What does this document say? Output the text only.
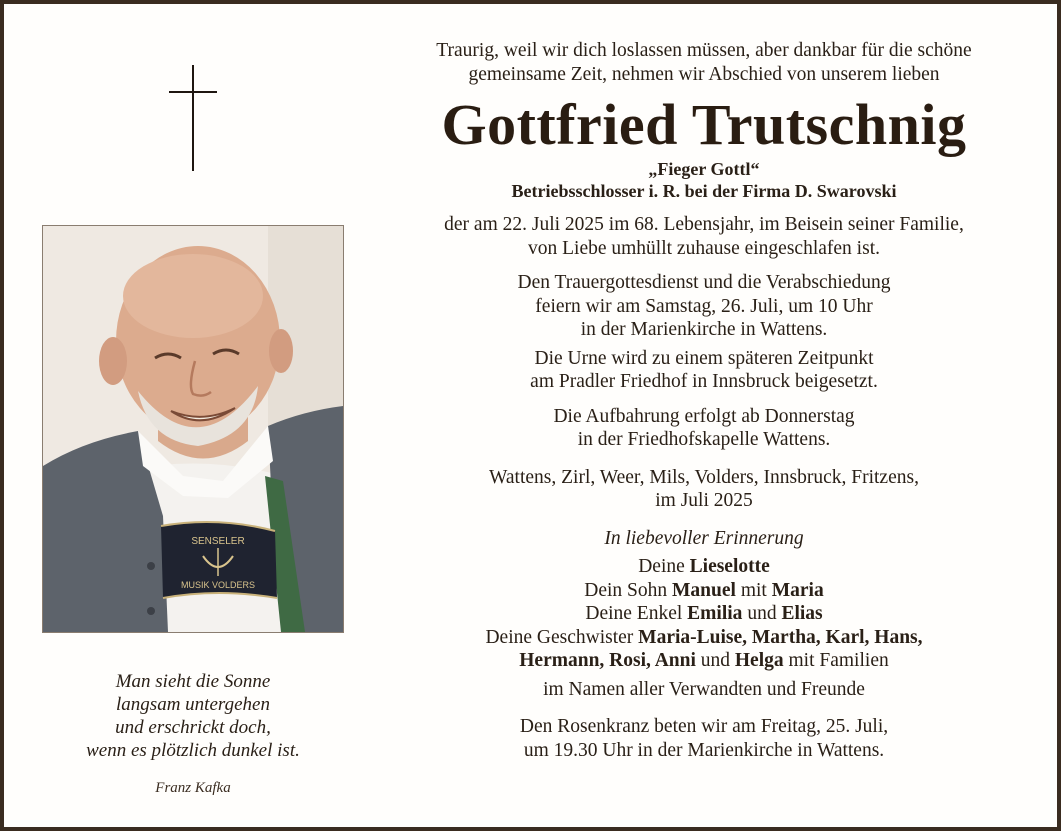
SENSELER
MUSIK VOLDERS
Man sieht die Sonne
langsam untergehen
und erschrickt doch,
wenn es plötzlich dunkel ist.
Franz Kafka
Traurig, weil wir dich loslassen müssen, aber dankbar für die schöne
gemeinsame Zeit, nehmen wir Abschied von unserem lieben
Gottfried Trutschnig
„Fieger Gottl“
Betriebsschlosser i. R. bei der Firma D. Swarovski
der am 22. Juli 2025 im 68. Lebensjahr, im Beisein seiner Familie,
von Liebe umhüllt zuhause eingeschlafen ist.
Den Trauergottesdienst und die Verabschiedung
feiern wir am Samstag, 26. Juli, um 10 Uhr
in der Marienkirche in Wattens.
Die Urne wird zu einem späteren Zeitpunkt
am Pradler Friedhof in Innsbruck beigesetzt.
Die Aufbahrung erfolgt ab Donnerstag
in der Friedhofskapelle Wattens.
Wattens, Zirl, Weer, Mils, Volders, Innsbruck, Fritzens,
im Juli 2025
In liebevoller Erinnerung
Deine Lieselotte
Dein Sohn Manuel mit Maria
Deine Enkel Emilia und Elias
Deine Geschwister Maria-Luise, Martha, Karl, Hans,
Hermann, Rosi, Anni und Helga mit Familien
im Namen aller Verwandten und Freunde
Den Rosenkranz beten wir am Freitag, 25. Juli,
um 19.30 Uhr in der Marienkirche in Wattens.
